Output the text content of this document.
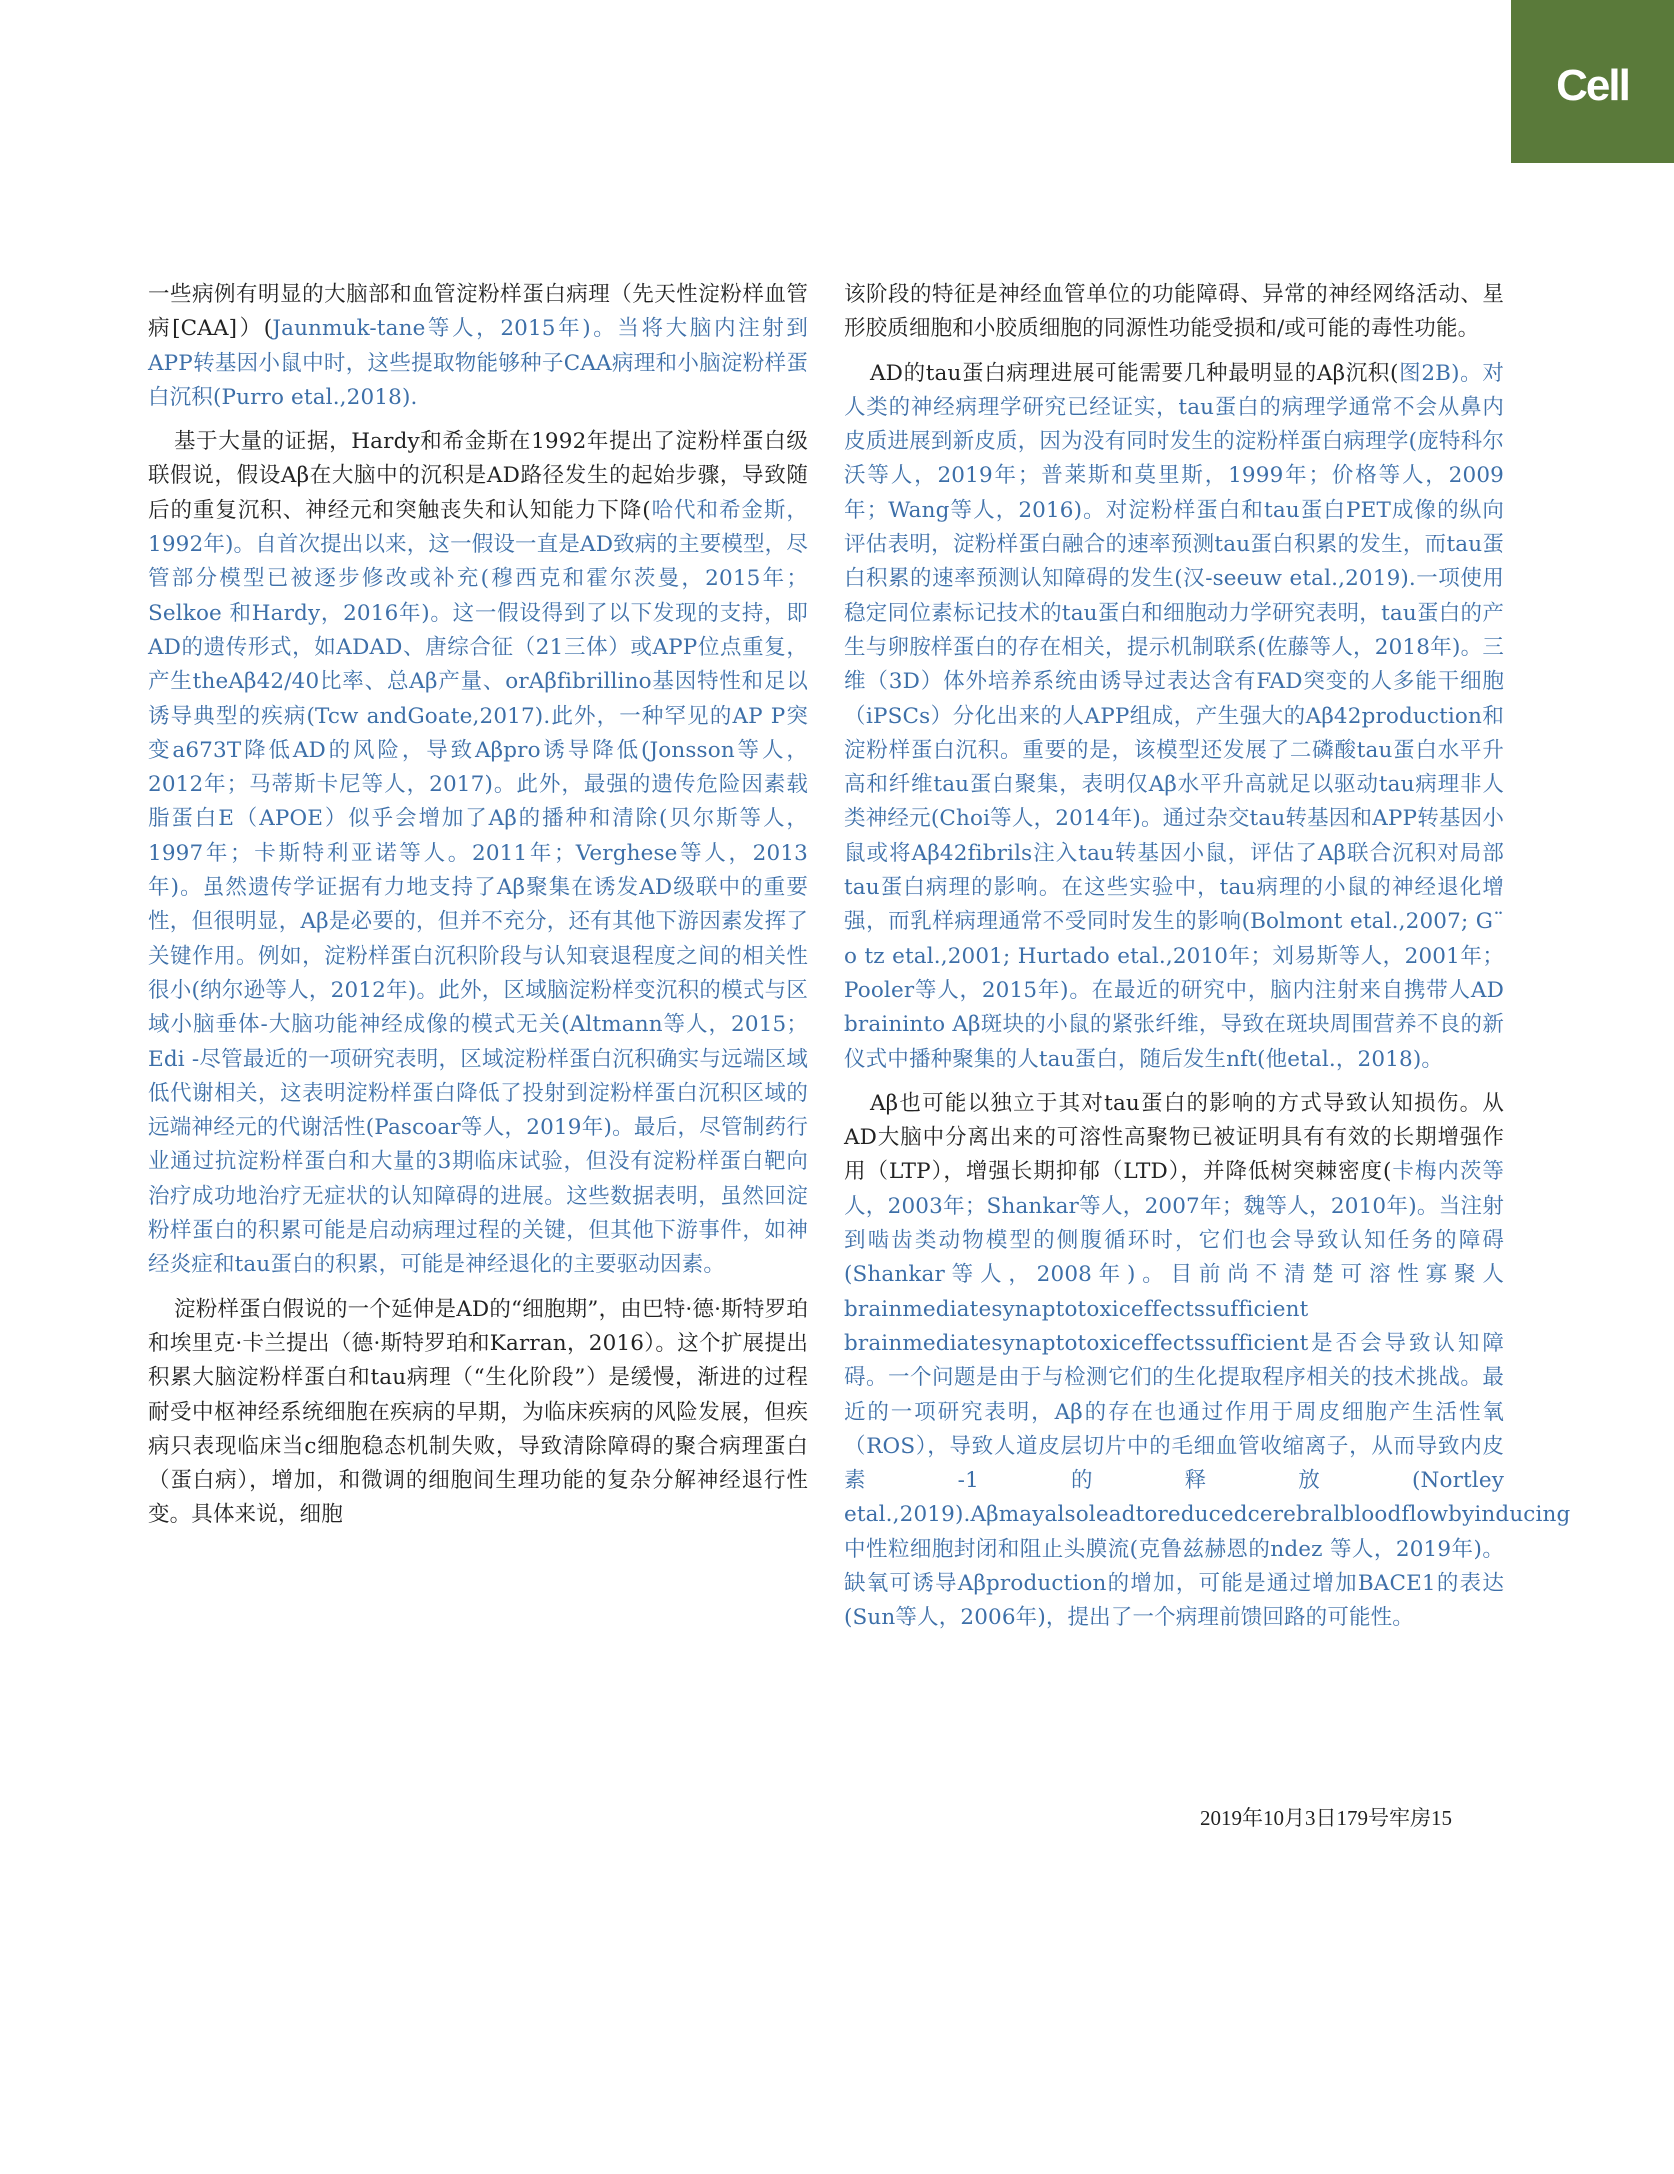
Cell

一些病例有明显的大脑部和血管淀粉样蛋白病理（先天性淀粉样血管病[CAA]）(Jaunmuk-tane等人，2015年)。当将大脑内注射到APP转基因小鼠中时，这些提取物能够种子CAA病理和小脑淀粉样蛋白沉积(Purro etal.,2018).

基于大量的证据，Hardy和希金斯在1992年提出了淀粉样蛋白级联假说，假设Aβ在大脑中的沉积是AD路径发生的起始步骤，导致随后的重复沉积、神经元和突触丧失和认知能力下降(哈代和希金斯，1992年)。自首次提出以来，这一假设一直是AD致病的主要模型，尽管部分模型已被逐步修改或补充(穆西克和霍尔茨曼，2015年；Selkoe 和Hardy，2016年)。这一假设得到了以下发现的支持，即AD的遗传形式，如ADAD、唐综合征（21三体）或APP位点重复，产生theAβ42/40比率、总Aβ产量、orAβfibrillino基因特性和足以诱导典型的疾病(Tcw andGoate,2017).此外，一种罕见的AP P突变a673T降低AD的风险，导致Aβpro诱导降低(Jonsson等人，2012年；马蒂斯卡尼等人，2017)。此外，最强的遗传危险因素载脂蛋白E（APOE）似乎会增加了Aβ的播种和清除(贝尔斯等人，1997年；卡斯特利亚诺等人。2011年；Verghese等人，2013年)。虽然遗传学证据有力地支持了Aβ聚集在诱发AD级联中的重要性，但很明显，Aβ是必要的，但并不充分，还有其他下游因素发挥了关键作用。例如，淀粉样蛋白沉积阶段与认知衰退程度之间的相关性很小(纳尔逊等人，2012年)。此外，区域脑淀粉样变沉积的模式与区域小脑垂体-大脑功能神经成像的模式无关(Altmann等人，2015；Edi -尽管最近的一项研究表明，区域淀粉样蛋白沉积确实与远端区域低代谢相关，这表明淀粉样蛋白降低了投射到淀粉样蛋白沉积区域的远端神经元的代谢活性(Pascoar等人，2019年)。最后，尽管制药行业通过抗淀粉样蛋白和大量的3期临床试验，但没有淀粉样蛋白靶向治疗成功地治疗无症状的认知障碍的进展。这些数据表明，虽然回淀粉样蛋白的积累可能是启动病理过程的关键，但其他下游事件，如神经炎症和tau蛋白的积累，可能是神经退化的主要驱动因素。

淀粉样蛋白假说的一个延伸是AD的“细胞期”，由巴特·德·斯特罗珀和埃里克·卡兰提出（德·斯特罗珀和Karran，2016）。这个扩展提出积累大脑淀粉样蛋白和tau病理（“生化阶段”）是缓慢，渐进的过程耐受中枢神经系统细胞在疾病的早期，为临床疾病的风险发展，但疾病只表现临床当c细胞稳态机制失败，导致清除障碍的聚合病理蛋白（蛋白病），增加，和微调的细胞间生理功能的复杂分解神经退行性变。具体来说，细胞

该阶段的特征是神经血管单位的功能障碍、异常的神经网络活动、星形胶质细胞和小胶质细胞的同源性功能受损和/或可能的毒性功能。

AD的tau蛋白病理进展可能需要几种最明显的Aβ沉积(图2B)。对人类的神经病理学研究已经证实，tau蛋白的病理学通常不会从鼻内皮质进展到新皮质，因为没有同时发生的淀粉样蛋白病理学(庞特科尔沃等人，2019年；普莱斯和莫里斯，1999年；价格等人，2009年；Wang等人，2016)。对淀粉样蛋白和tau蛋白PET成像的纵向评估表明，淀粉样蛋白融合的速率预测tau蛋白积累的发生，而tau蛋白积累的速率预测认知障碍的发生(汉-seeuw etal.,2019).一项使用稳定同位素标记技术的tau蛋白和细胞动力学研究表明，tau蛋白的产生与卵胺样蛋白的存在相关，提示机制联系(佐藤等人，2018年)。三维（3D）体外培养系统由诱导过表达含有FAD突变的人多能干细胞（iPSCs）分化出来的人APP组成，产生强大的Aβ42production和淀粉样蛋白沉积。重要的是，该模型还发展了二磷酸tau蛋白水平升高和纤维tau蛋白聚集，表明仅Aβ水平升高就足以驱动tau病理非人类神经元(Choi等人，2014年)。通过杂交tau转基因和APP转基因小鼠或将Aβ42fibrils注入tau转基因小鼠，评估了Aβ联合沉积对局部tau蛋白病理的影响。在这些实验中，tau病理的小鼠的神经退化增强，而乳样病理通常不受同时发生的影响(Bolmont etal.,2007; G¨ o tz etal.,2001; Hurtado etal.,2010年；刘易斯等人，2001年；Pooler等人，2015年)。在最近的研究中，脑内注射来自携带人AD braininto Aβ斑块的小鼠的紧张纤维，导致在斑块周围营养不良的新仪式中播种聚集的人tau蛋白，随后发生nft(他etal.，2018)。

Aβ也可能以独立于其对tau蛋白的影响的方式导致认知损伤。从AD大脑中分离出来的可溶性高聚物已被证明具有有效的长期增强作用（LTP），增强长期抑郁（LTD），并降低树突棘密度(卡梅内茨等人，2003年；Shankar等人，2007年；魏等人，2010年)。当注射到啮齿类动物模型的侧腹循环时，它们也会导致认知任务的障碍(Shankar等人，2008年)。目前尚不清楚可溶性寡聚人 brainmediatesynaptotoxiceffectssufficient brainmediatesynaptotoxiceffectssufficient是否会导致认知障碍。一个问题是由于与检测它们的生化提取程序相关的技术挑战。最近的一项研究表明，Aβ的存在也通过作用于周皮细胞产生活性氧（ROS），导致人道皮层切片中的毛细血管收缩离子，从而导致内皮素-1的释放(Nortley etal.,2019).Aβmayalsoleadtoreducedcerebralbloodflowbyinducing中性粒细胞封闭和阻止头膜流(克鲁兹赫恩的ndez 等人，2019年)。缺氧可诱导Aβproduction的增加，可能是通过增加BACE1的表达(Sun等人，2006年)，提出了一个病理前馈回路的可能性。

2019年10月3日179号牢房15
